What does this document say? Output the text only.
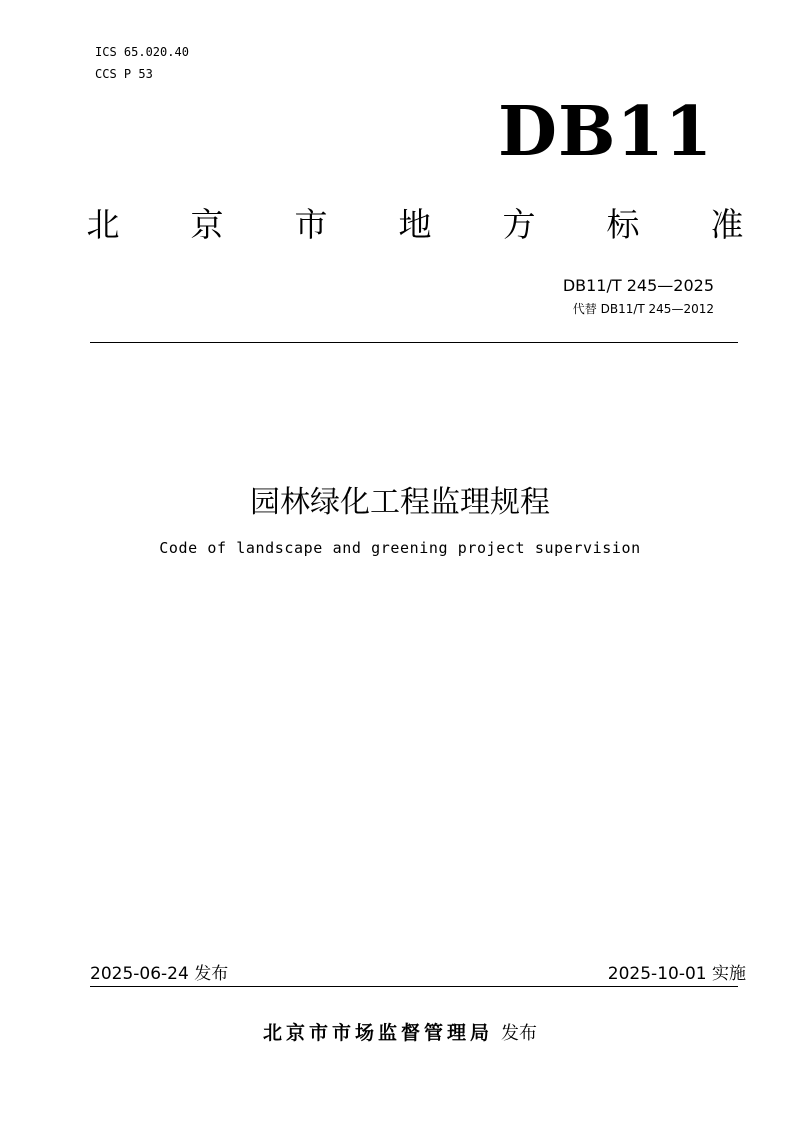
ICS 65.020.40
CCS P 53
DB11
北 京 市 地 方 标 准
DB11/T 245—2025
代替 DB11/T 245—2012
园林绿化工程监理规程
Code of landscape and greening project supervision
2025-06-24 发布	2025-10-01 实施
北京市市场监督管理局 发布
